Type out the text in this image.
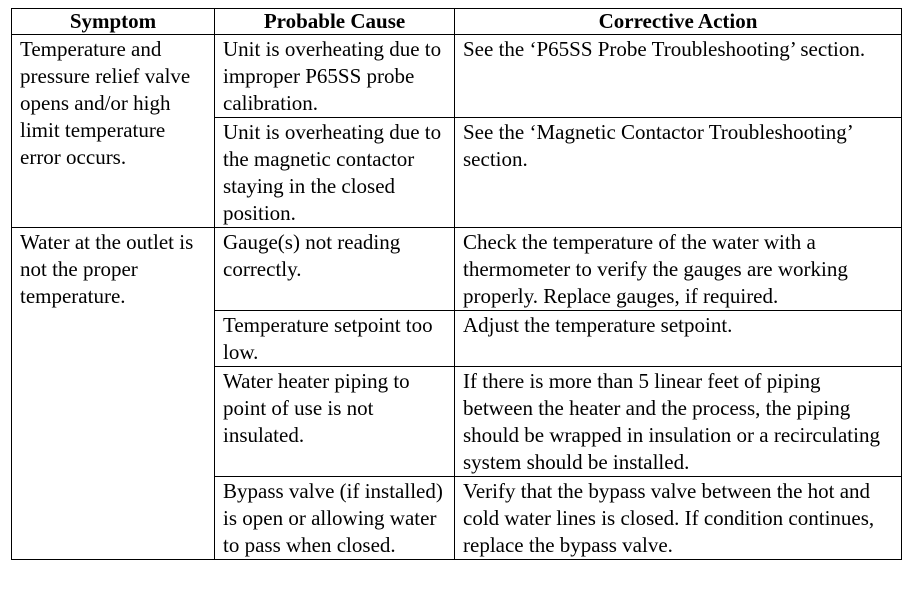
Symptom	Probable Cause	Corrective Action
Temperature and pressure relief valve opens and/or high limit temperature error occurs.	Unit is overheating due to improper P65SS probe calibration.	See the ‘P65SS Probe Troubleshooting’ section.
	Unit is overheating due to the magnetic contactor staying in the closed position.	See the ‘Magnetic Contactor Troubleshooting’ section.
Water at the outlet is not the proper temperature.	Gauge(s) not reading correctly.	Check the temperature of the water with a thermometer to verify the gauges are working properly. Replace gauges, if required.
	Temperature setpoint too low.	Adjust the temperature setpoint.
	Water heater piping to point of use is not insulated.	If there is more than 5 linear feet of piping between the heater and the process, the piping should be wrapped in insulation or a recirculating system should be installed.
	Bypass valve (if installed) is open or allowing water to pass when closed.	Verify that the bypass valve between the hot and cold water lines is closed. If condition continues, replace the bypass valve.
